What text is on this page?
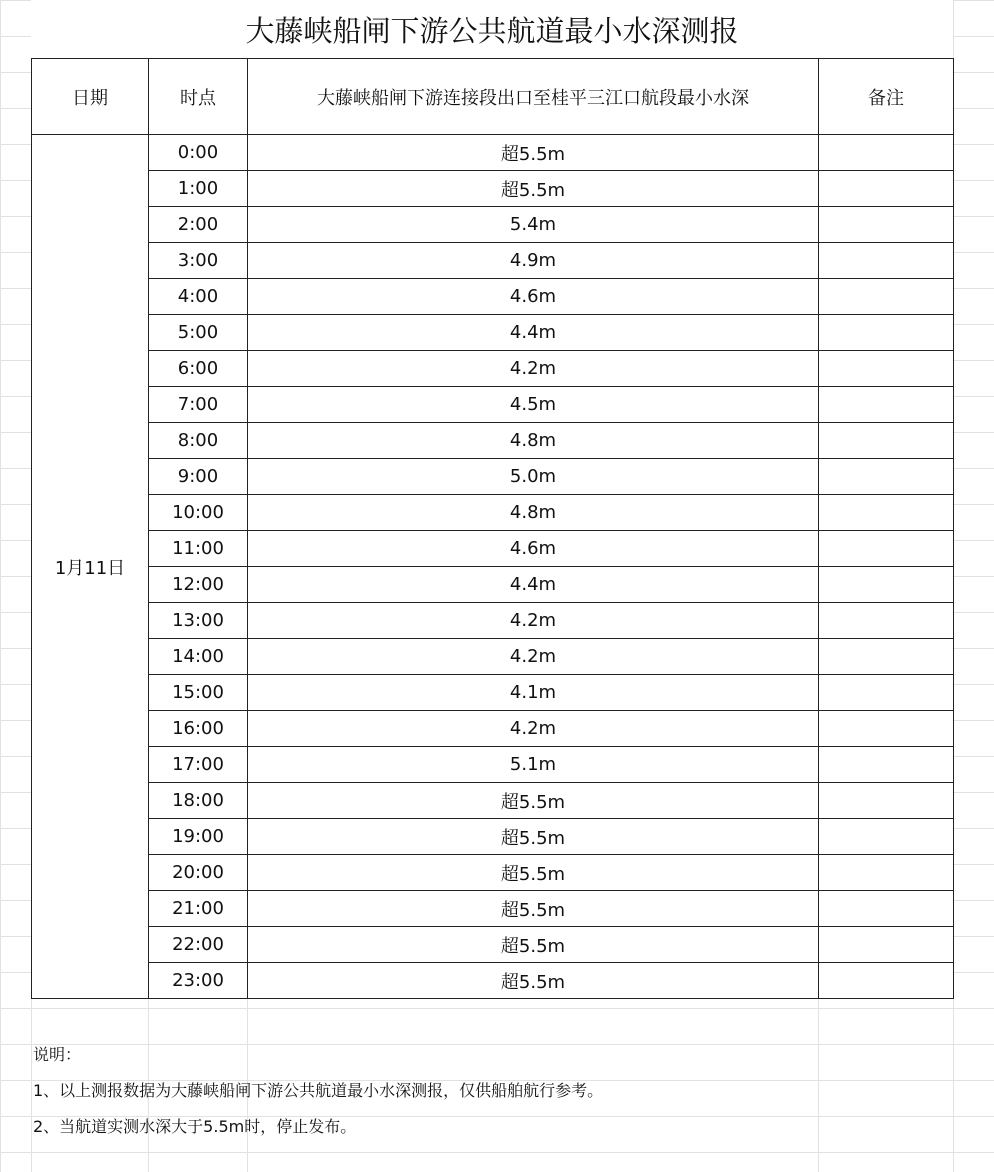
大藤峡船闸下游公共航道最小水深测报
日期	时点	大藤峡船闸下游连接段出口至桂平三江口航段最小水深	备注
1月11日	0:00	超5.5m	
	1:00	超5.5m	
	2:00	5.4m	
	3:00	4.9m	
	4:00	4.6m	
	5:00	4.4m	
	6:00	4.2m	
	7:00	4.5m	
	8:00	4.8m	
	9:00	5.0m	
	10:00	4.8m	
	11:00	4.6m	
	12:00	4.4m	
	13:00	4.2m	
	14:00	4.2m	
	15:00	4.1m	
	16:00	4.2m	
	17:00	5.1m	
	18:00	超5.5m	
	19:00	超5.5m	
	20:00	超5.5m	
	21:00	超5.5m	
	22:00	超5.5m	
	23:00	超5.5m	
说明：
1、以上测报数据为大藤峡船闸下游公共航道最小水深测报，仅供船舶航行参考。
2、当航道实测水深大于5.5m时，停止发布。
